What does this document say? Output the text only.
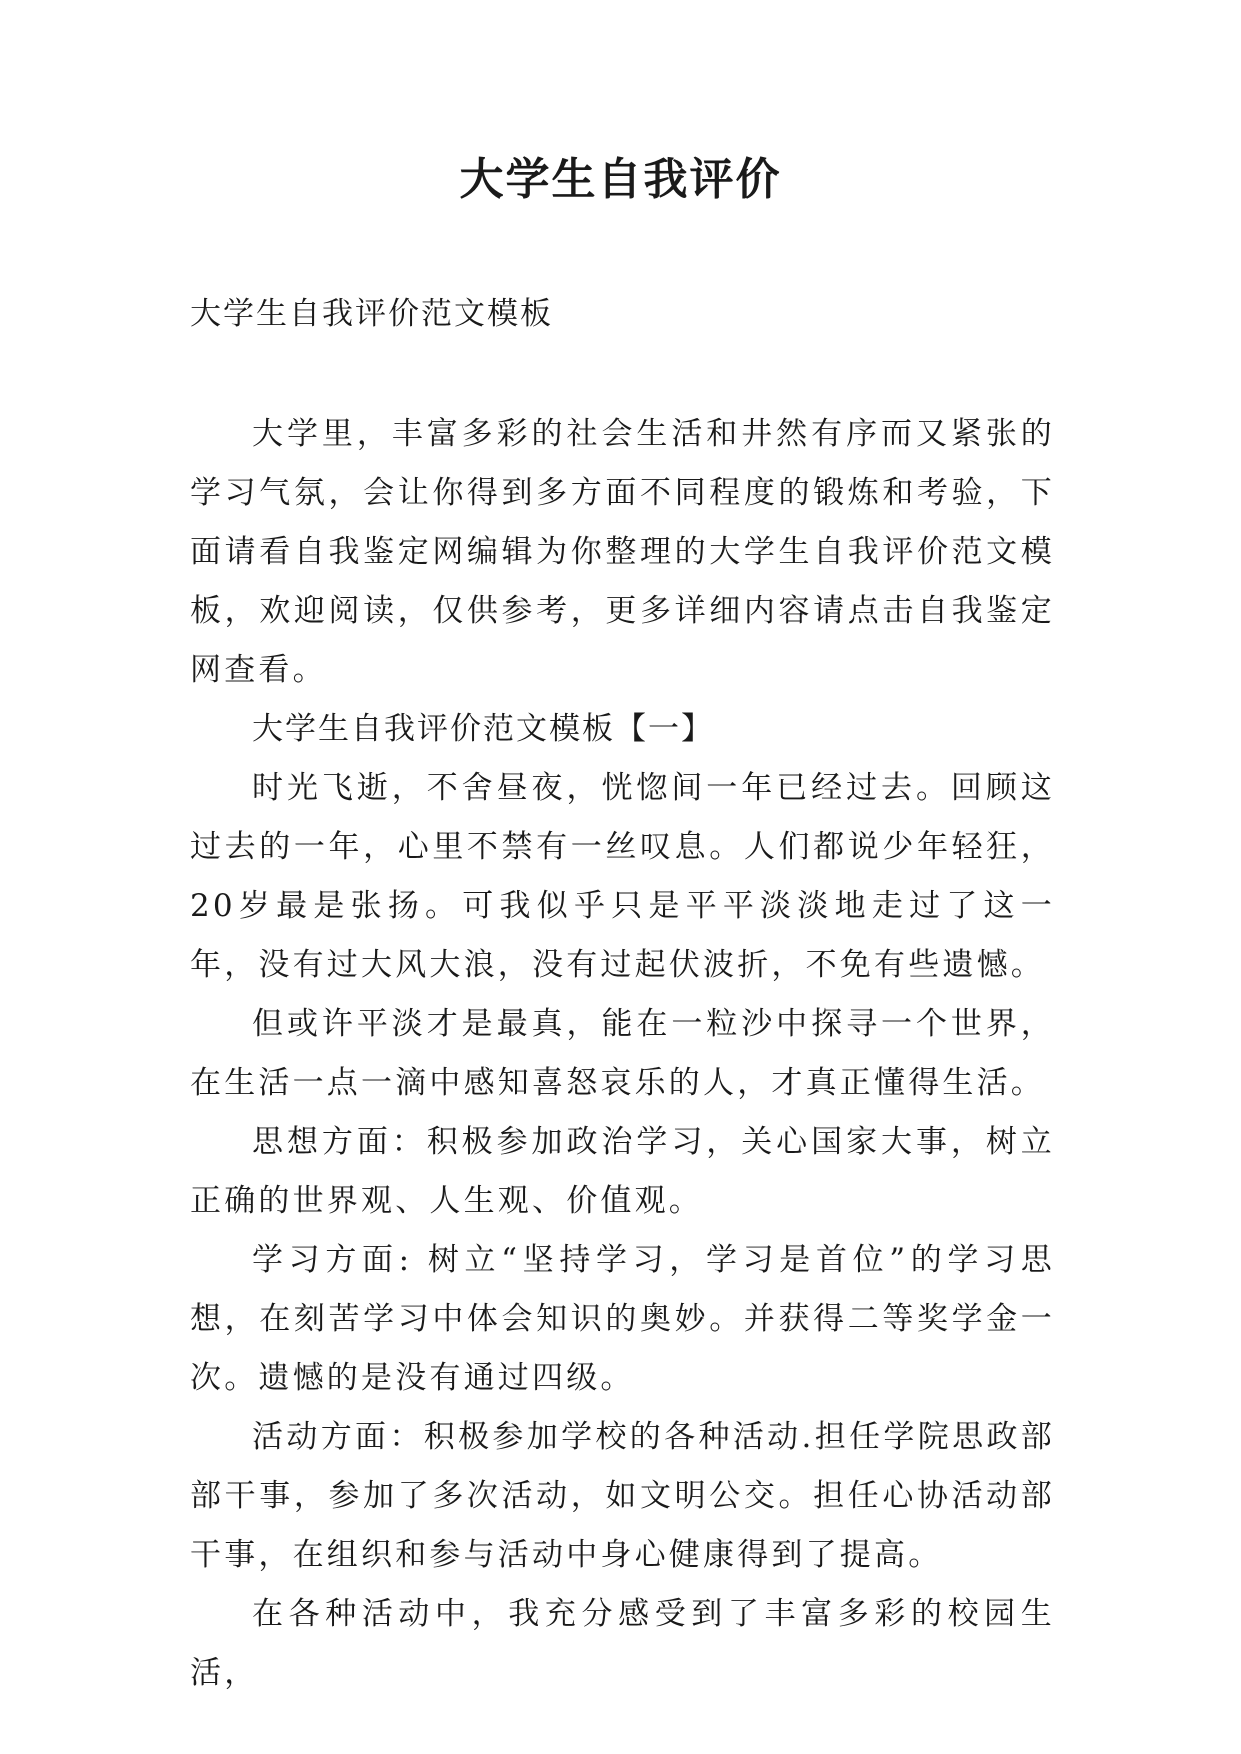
大学生自我评价

大学生自我评价范文模板

大学里，丰富多彩的社会生活和井然有序而又紧张的学习气氛，会让你得到多方面不同程度的锻炼和考验，下面请看自我鉴定网编辑为你整理的大学生自我评价范文模板，欢迎阅读，仅供参考，更多详细内容请点击自我鉴定网查看。

大学生自我评价范文模板【一】

时光飞逝，不舍昼夜，恍惚间一年已经过去。回顾这过去的一年，心里不禁有一丝叹息。人们都说少年轻狂，20岁最是张扬。可我似乎只是平平淡淡地走过了这一年，没有过大风大浪，没有过起伏波折，不免有些遗憾。

但或许平淡才是最真，能在一粒沙中探寻一个世界，在生活一点一滴中感知喜怒哀乐的人，才真正懂得生活。

思想方面：积极参加政治学习，关心国家大事，树立正确的世界观、人生观、价值观。

学习方面: 树立“坚持学习，学习是首位”的学习思想，在刻苦学习中体会知识的奥妙。并获得二等奖学金一次。遗憾的是没有通过四级。

活动方面：积极参加学校的各种活动.担任学院思政部部干事，参加了多次活动，如文明公交。担任心协活动部干事，在组织和参与活动中身心健康得到了提高。

在各种活动中，我充分感受到了丰富多彩的校园生活，
